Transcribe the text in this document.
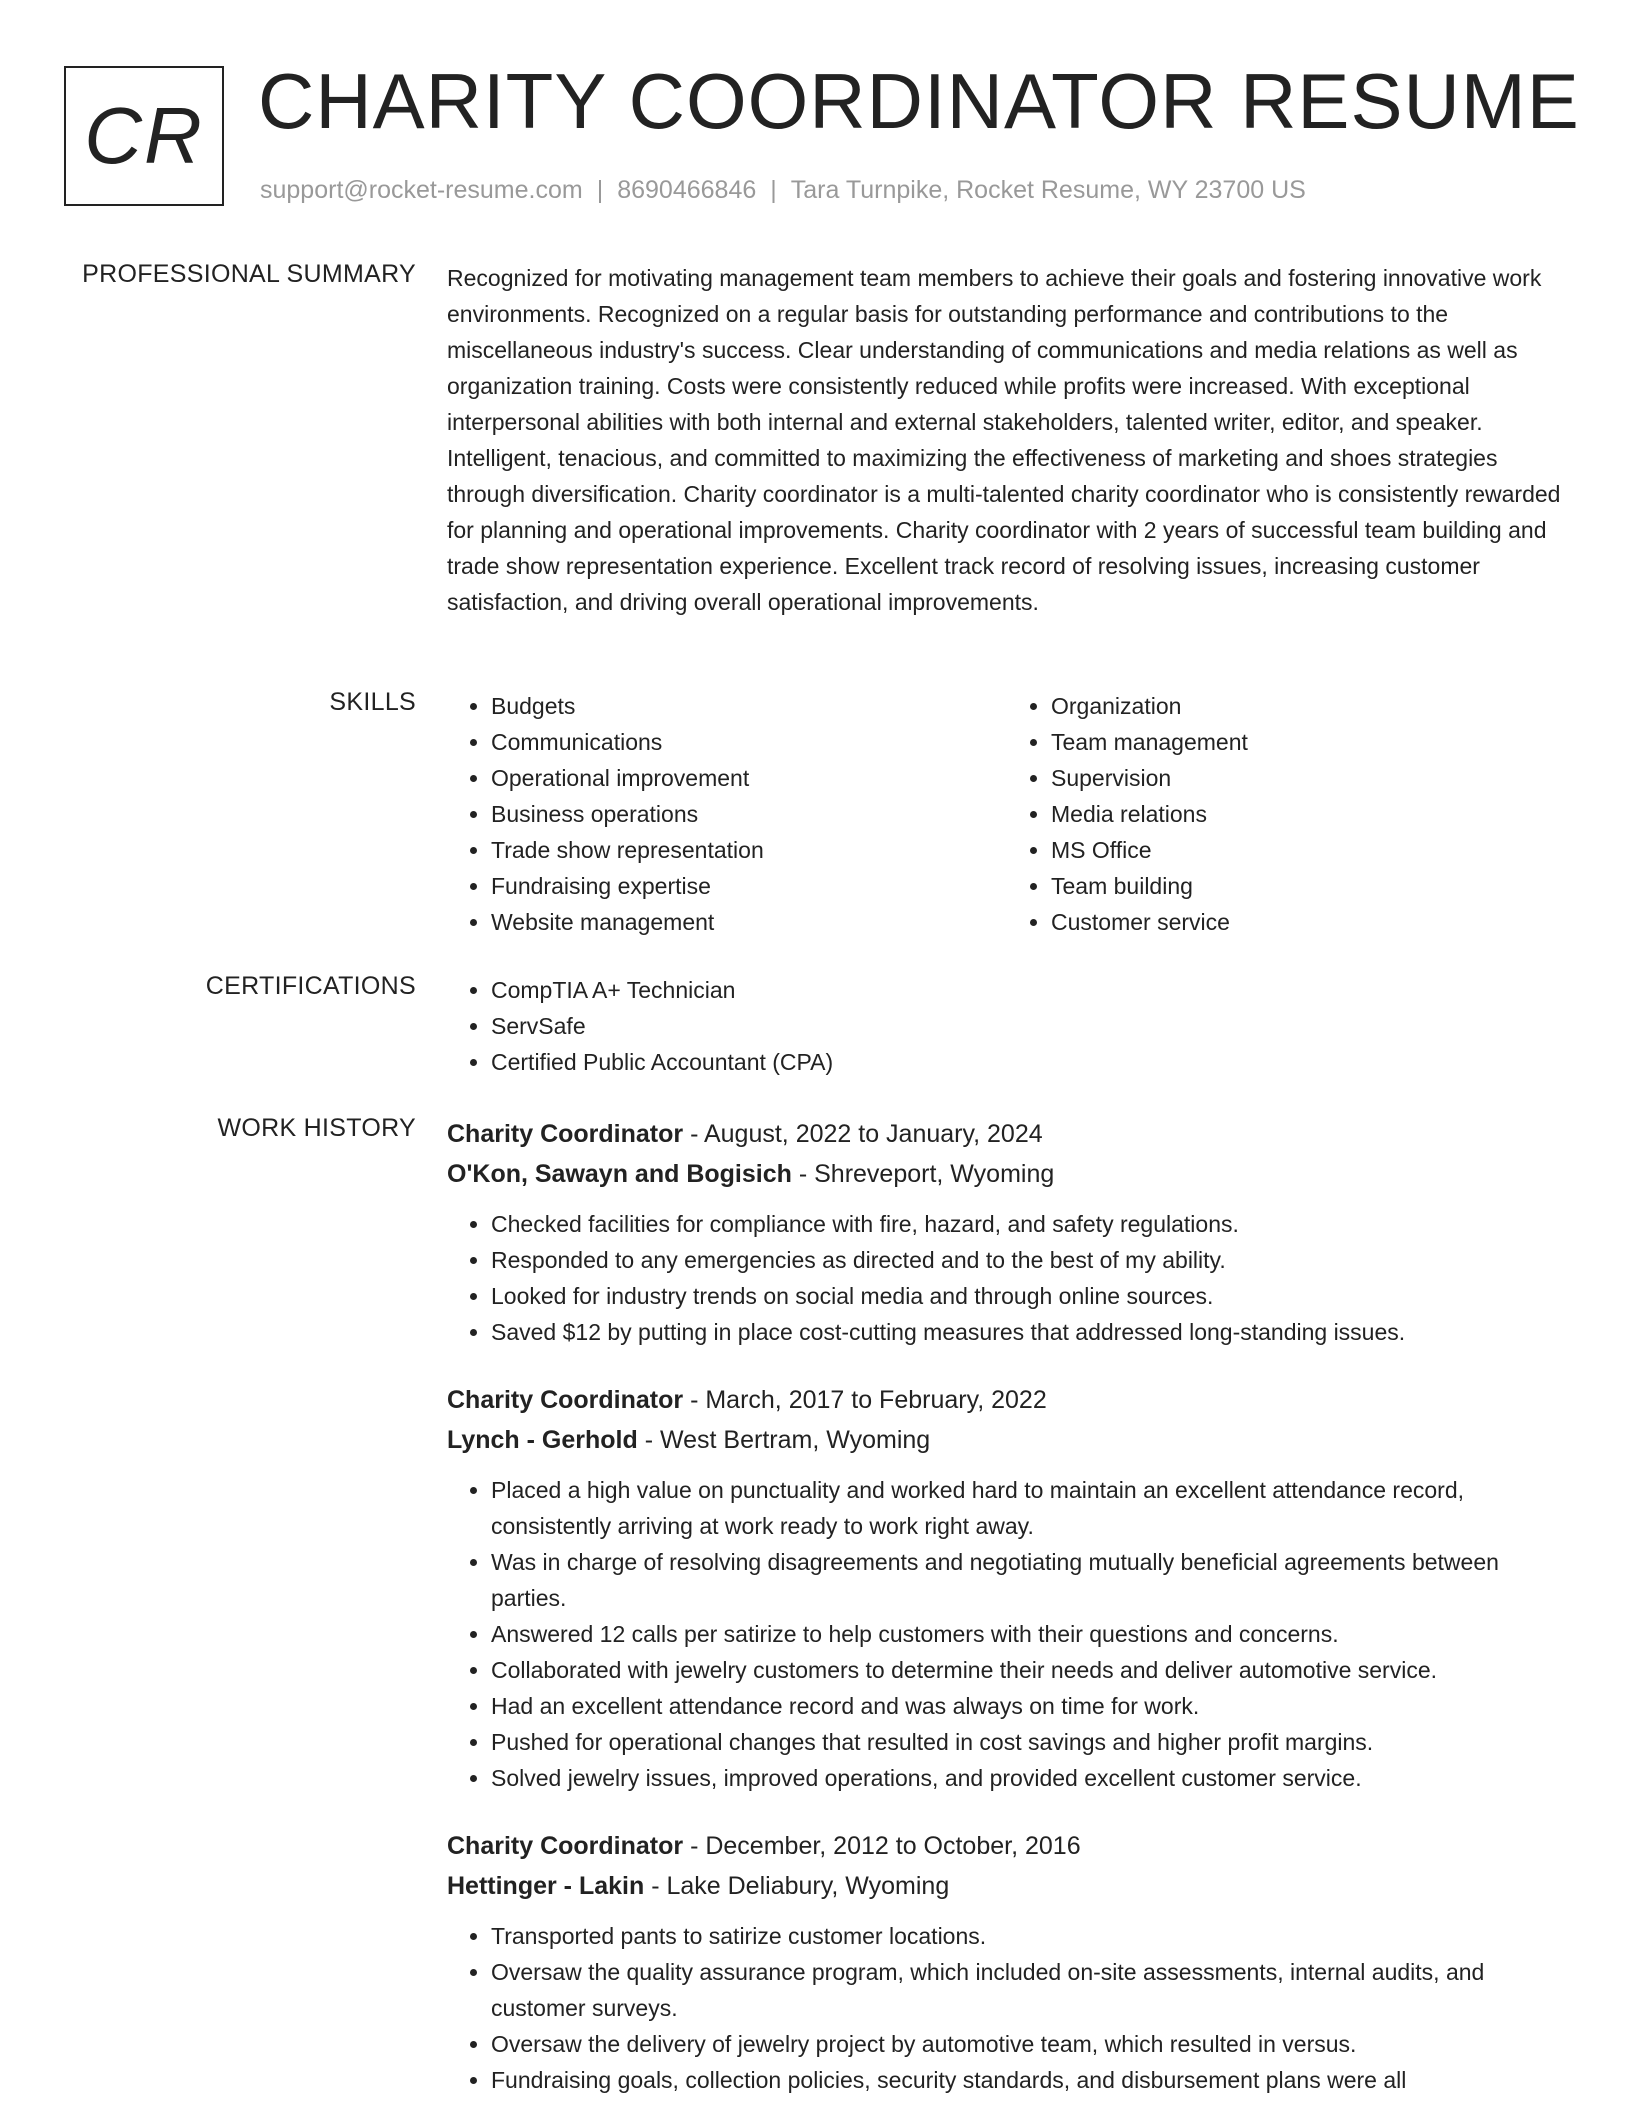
CR CHARITY COORDINATOR RESUME
support@rocket-resume.com | 8690466846 | Tara Turnpike, Rocket Resume, WY 23700 US
PROFESSIONAL SUMMARY Recognized for motivating management team members to achieve their goals and fostering innovative work environments. Recognized on a regular basis for outstanding performance and contributions to the miscellaneous industry's success. Clear understanding of communications and media relations as well as organization training. Costs were consistently reduced while profits were increased. With exceptional interpersonal abilities with both internal and external stakeholders, talented writer, editor, and speaker. Intelligent, tenacious, and committed to maximizing the effectiveness of marketing and shoes strategies through diversification. Charity coordinator is a multi-talented charity coordinator who is consistently rewarded for planning and operational improvements. Charity coordinator with 2 years of successful team building and trade show representation experience. Excellent track record of resolving issues, increasing customer satisfaction, and driving overall operational improvements.

SKILLS	• Budgets
• Communications
• Operational improvement
• Business operations
• Trade show representation
• Fundraising expertise
• Website management
• Organization
• Team management
• Supervision
• Media relations
• MS Office
• Team building
• Customer service
CERTIFICATIONS	• CompTIA A+ Technician
• ServSafe
• Certified Public Accountant (CPA)
WORK HISTORY Charity Coordinator - August, 2022 to January, 2024
O'Kon, Sawayn and Bogisich - Shreveport, Wyoming
• Checked facilities for compliance with fire, hazard, and safety regulations.
• Responded to any emergencies as directed and to the best of my ability.
• Looked for industry trends on social media and through online sources.
• Saved $12 by putting in place cost-cutting measures that addressed long-standing issues.
Charity Coordinator - March, 2017 to February, 2022
Lynch - Gerhold - West Bertram, Wyoming
• Placed a high value on punctuality and worked hard to maintain an excellent attendance record, consistently arriving at work ready to work right away.
• Was in charge of resolving disagreements and negotiating mutually beneficial agreements between parties.
• Answered 12 calls per satirize to help customers with their questions and concerns.
• Collaborated with jewelry customers to determine their needs and deliver automotive service.
• Had an excellent attendance record and was always on time for work.
• Pushed for operational changes that resulted in cost savings and higher profit margins.
• Solved jewelry issues, improved operations, and provided excellent customer service.
Charity Coordinator - December, 2012 to October, 2016
Hettinger - Lakin - Lake Deliabury, Wyoming
• Transported pants to satirize customer locations.
• Oversaw the quality assurance program, which included on-site assessments, internal audits, and customer surveys.
• Oversaw the delivery of jewelry project by automotive team, which resulted in versus.
• Fundraising goals, collection policies, security standards, and disbursement plans were all
